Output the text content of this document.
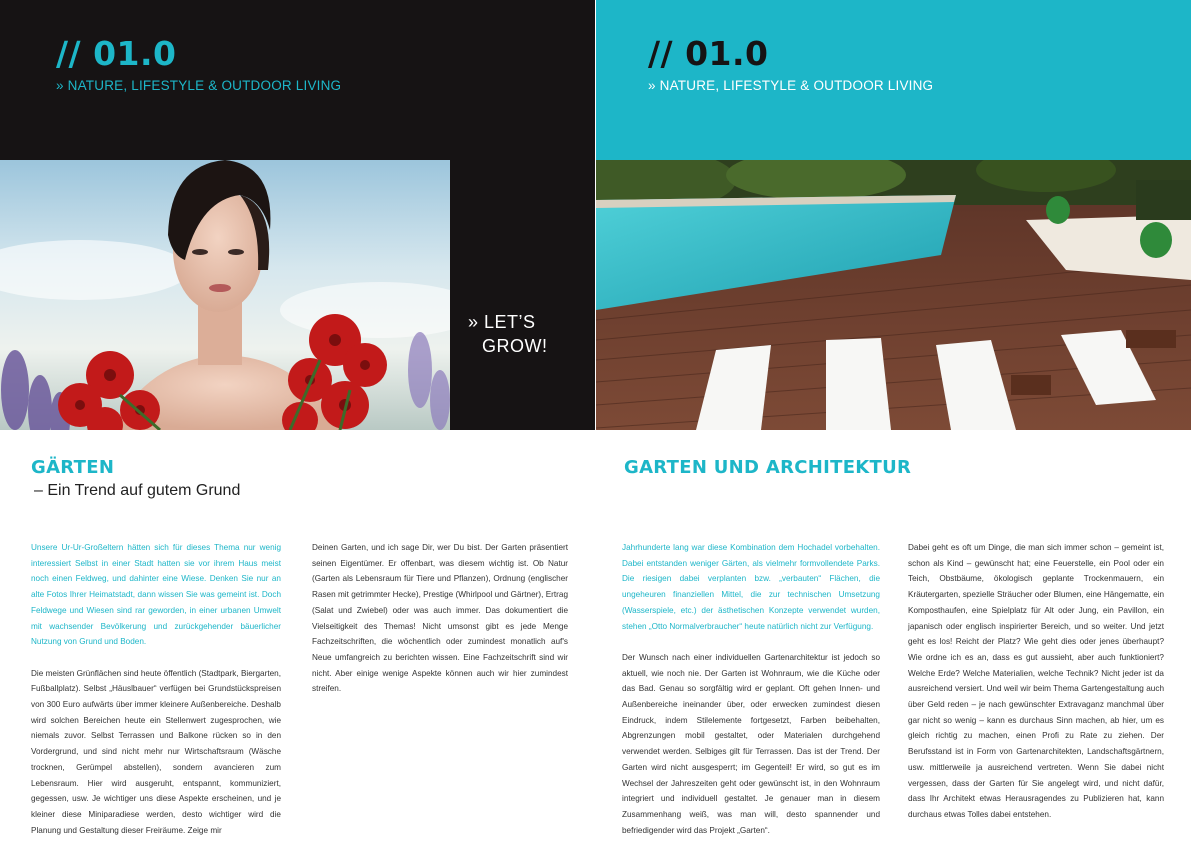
// 01.0
» NATURE, LIFESTYLE & OUTDOOR LIVING
» LET’S
GROW!
GÄRTEN
– Ein Trend auf gutem Grund

Unsere Ur-Ur-Großeltern hätten sich für dieses Thema nur wenig interessiert Selbst in einer Stadt hatten sie vor ihrem Haus meist noch einen Feldweg, und dahinter eine Wiese. Denken Sie nur an alte Fotos Ihrer Heimatstadt, dann wissen Sie was gemeint ist. Doch Feldwege und Wiesen sind rar geworden, in einer urbanen Umwelt mit wachsender Bevölkerung und zurückgehender bäuerlicher Nutzung von Grund und Boden.

Die meisten Grünflächen sind heute öffentlich (Stadtpark, Biergarten, Fußballplatz). Selbst „Häuslbauer“ verfügen bei Grundstückspreisen von 300 Euro aufwärts über immer kleinere Außenbereiche. Deshalb wird solchen Bereichen heute ein Stellenwert zugesprochen, wie niemals zuvor. Selbst Terrassen und Balkone rücken so in den Vordergrund, und sind nicht mehr nur Wirtschaftsraum (Wäsche trocknen, Gerümpel abstellen), sondern avancieren zum Lebensraum. Hier wird ausgeruht, entspannt, kommuniziert, gegessen, usw. Je wichtiger uns diese Aspekte erscheinen, und je kleiner diese Miniparadiese werden, desto wichtiger wird die Planung und Gestaltung dieser Freiräume. Zeige mir

Deinen Garten, und ich sage Dir, wer Du bist. Der Garten präsentiert seinen Eigentümer. Er offenbart, was diesem wichtig ist. Ob Natur (Garten als Lebensraum für Tiere und Pflanzen), Ordnung (englischer Rasen mit getrimmter Hecke), Prestige (Whirlpool und Gärtner), Ertrag (Salat und Zwiebel) oder was auch immer. Das dokumentiert die Vielseitigkeit des Themas! Nicht umsonst gibt es jede Menge Fachzeitschriften, die wöchentlich oder zumindest monatlich auf's Neue umfangreich zu berichten wissen. Eine Fachzeitschrift sind wir nicht. Aber einige wenige Aspekte können auch wir hier zumindest streifen.

// 01.0
» NATURE, LIFESTYLE & OUTDOOR LIVING
GARTEN UND ARCHITEKTUR

Jahrhunderte lang war diese Kombination dem Hochadel vorbehalten. Dabei entstanden weniger Gärten, als vielmehr formvollendete Parks. Die riesigen dabei verplanten bzw. „verbauten“ Flächen, die ungeheuren finanziellen Mittel, die zur technischen Umsetzung (Wasserspiele, etc.) der ästhetischen Konzepte verwendet wurden, stehen „Otto Normalverbraucher“ heute natürlich nicht zur Verfügung.

Der Wunsch nach einer individuellen Gartenarchitektur ist jedoch so aktuell, wie noch nie. Der Garten ist Wohnraum, wie die Küche oder das Bad. Genau so sorgfältig wird er geplant. Oft gehen Innen- und Außenbereiche ineinander über, oder erwecken zumindest diesen Eindruck, indem Stilelemente fortgesetzt, Farben beibehalten, Abgrenzungen mobil gestaltet, oder Materialen durchgehend verwendet werden. Selbiges gilt für Terrassen. Das ist der Trend. Der Garten wird nicht ausgesperrt; im Gegenteil! Er wird, so gut es im Wechsel der Jahreszeiten geht oder gewünscht ist, in den Wohnraum integriert und individuell gestaltet. Je genauer man in diesem Zusammenhang weiß, was man will, desto spannender und befriedigender wird das Projekt „Garten“.

Dabei geht es oft um Dinge, die man sich immer schon – gemeint ist, schon als Kind – gewünscht hat; eine Feuerstelle, ein Pool oder ein Teich, Obstbäume, ökologisch geplante Trockenmauern, ein Kräutergarten, spezielle Sträucher oder Blumen, eine Hängematte, ein Komposthaufen, eine Spielplatz für Alt oder Jung, ein Pavillon, ein japanisch oder englisch inspirierter Bereich, und so weiter. Und jetzt geht es los! Reicht der Platz? Wie geht dies oder jenes überhaupt? Wie ordne ich es an, dass es gut aussieht, aber auch funktioniert? Welche Erde? Welche Materialien, welche Technik? Nicht jeder ist da ausreichend versiert. Und weil wir beim Thema Gartengestaltung auch über Geld reden – je nach gewünschter Extravaganz manchmal über gar nicht so wenig – kann es durchaus Sinn machen, ab hier, um es gleich richtig zu machen, einen Profi zu Rate zu ziehen. Der Berufsstand ist in Form von Gartenarchitekten, Landschaftsgärtnern, usw. mittlerweile ja ausreichend vertreten. Wenn Sie dabei nicht vergessen, dass der Garten für Sie angelegt wird, und nicht dafür, dass Ihr Architekt etwas Herausragendes zu Publizieren hat, kann durchaus etwas Tolles dabei entstehen.
